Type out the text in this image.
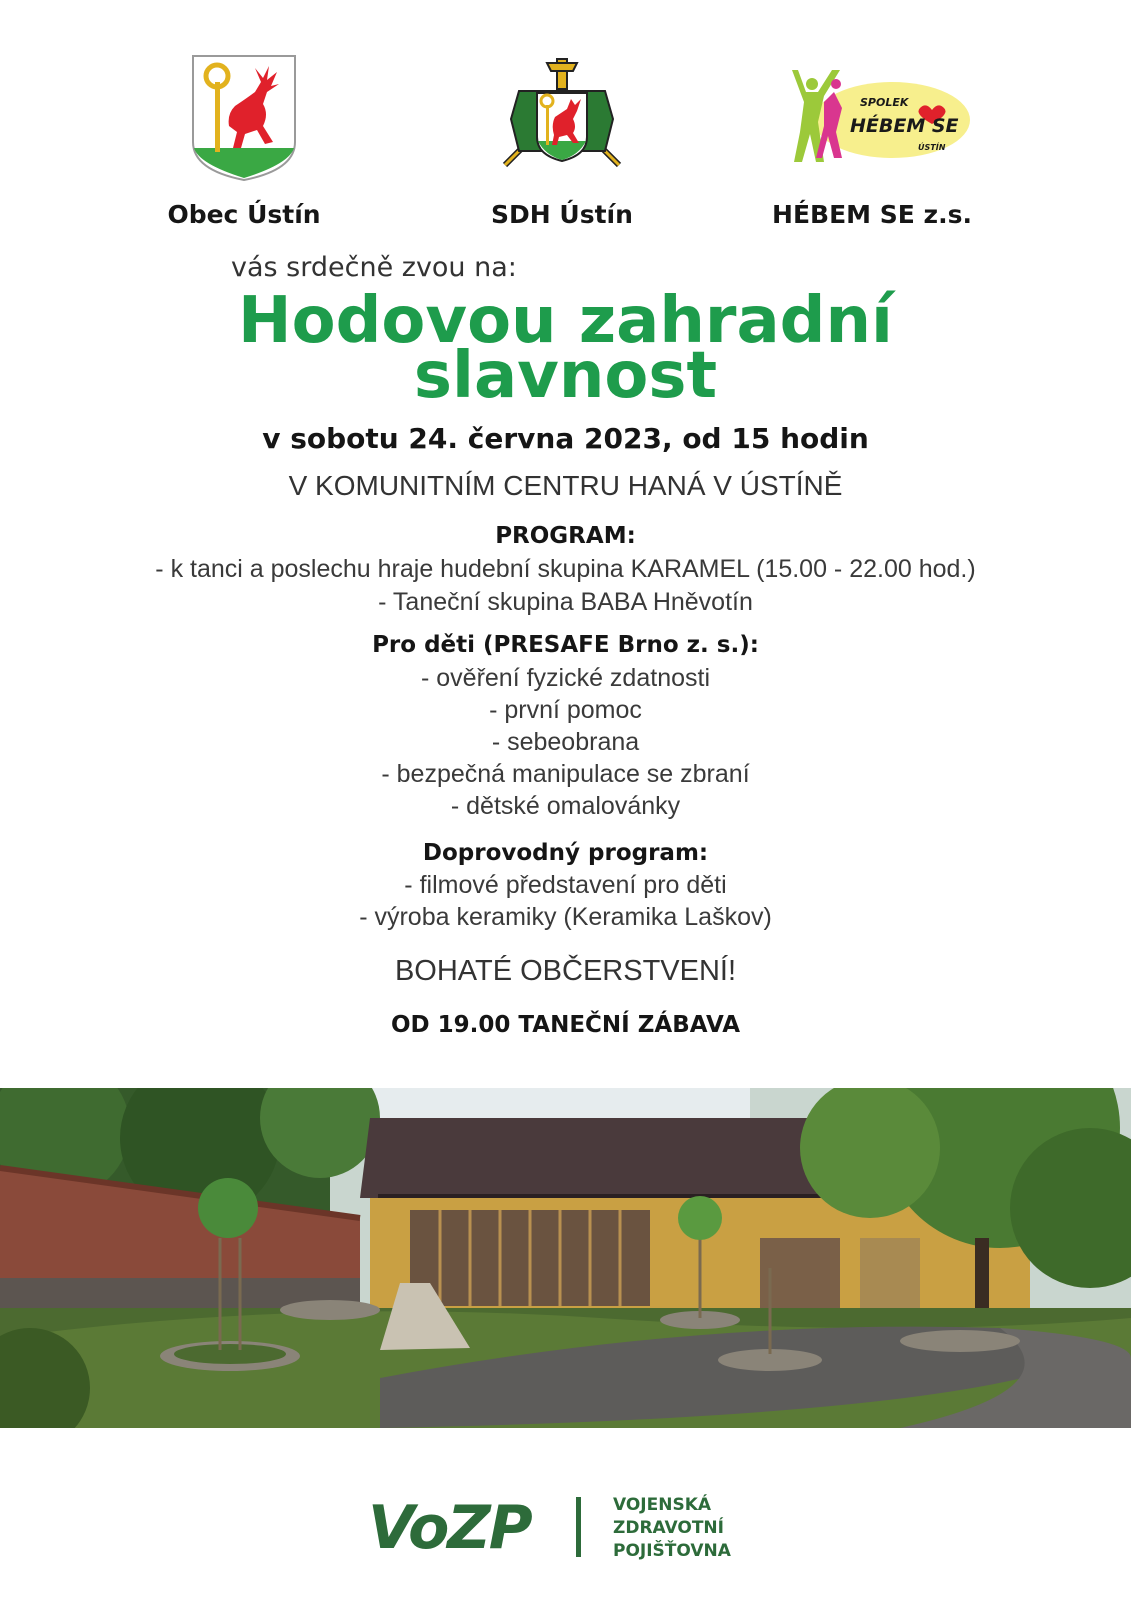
Obec Ústín	SDH Ústín
SPOLEK
HÉBEM SE
ÚSTÍN
HÉBEM SE z.s.
vás srdečně zvou na:
Hodovou zahradní
slavnost
v sobotu 24. června 2023, od 15 hodin
V KOMUNITNÍM CENTRU HANÁ V ÚSTÍNĚ
PROGRAM:
- k tanci a poslechu hraje hudební skupina KARAMEL (15.00 - 22.00 hod.)
- Taneční skupina BABA Hněvotín
Pro děti (PRESAFE Brno z. s.):
- ověření fyzické zdatnosti
- první pomoc
- sebeobrana
- bezpečná manipulace se zbraní
- dětské omalovánky
Doprovodný program:
- filmové představení pro děti
- výroba keramiky (Keramika Laškov)
BOHATÉ OBČERSTVENÍ!
OD 19.00 TANEČNÍ ZÁBAVA
VoZP	VOJENSKÁ
ZDRAVOTNÍ
POJIŠŤOVNA
